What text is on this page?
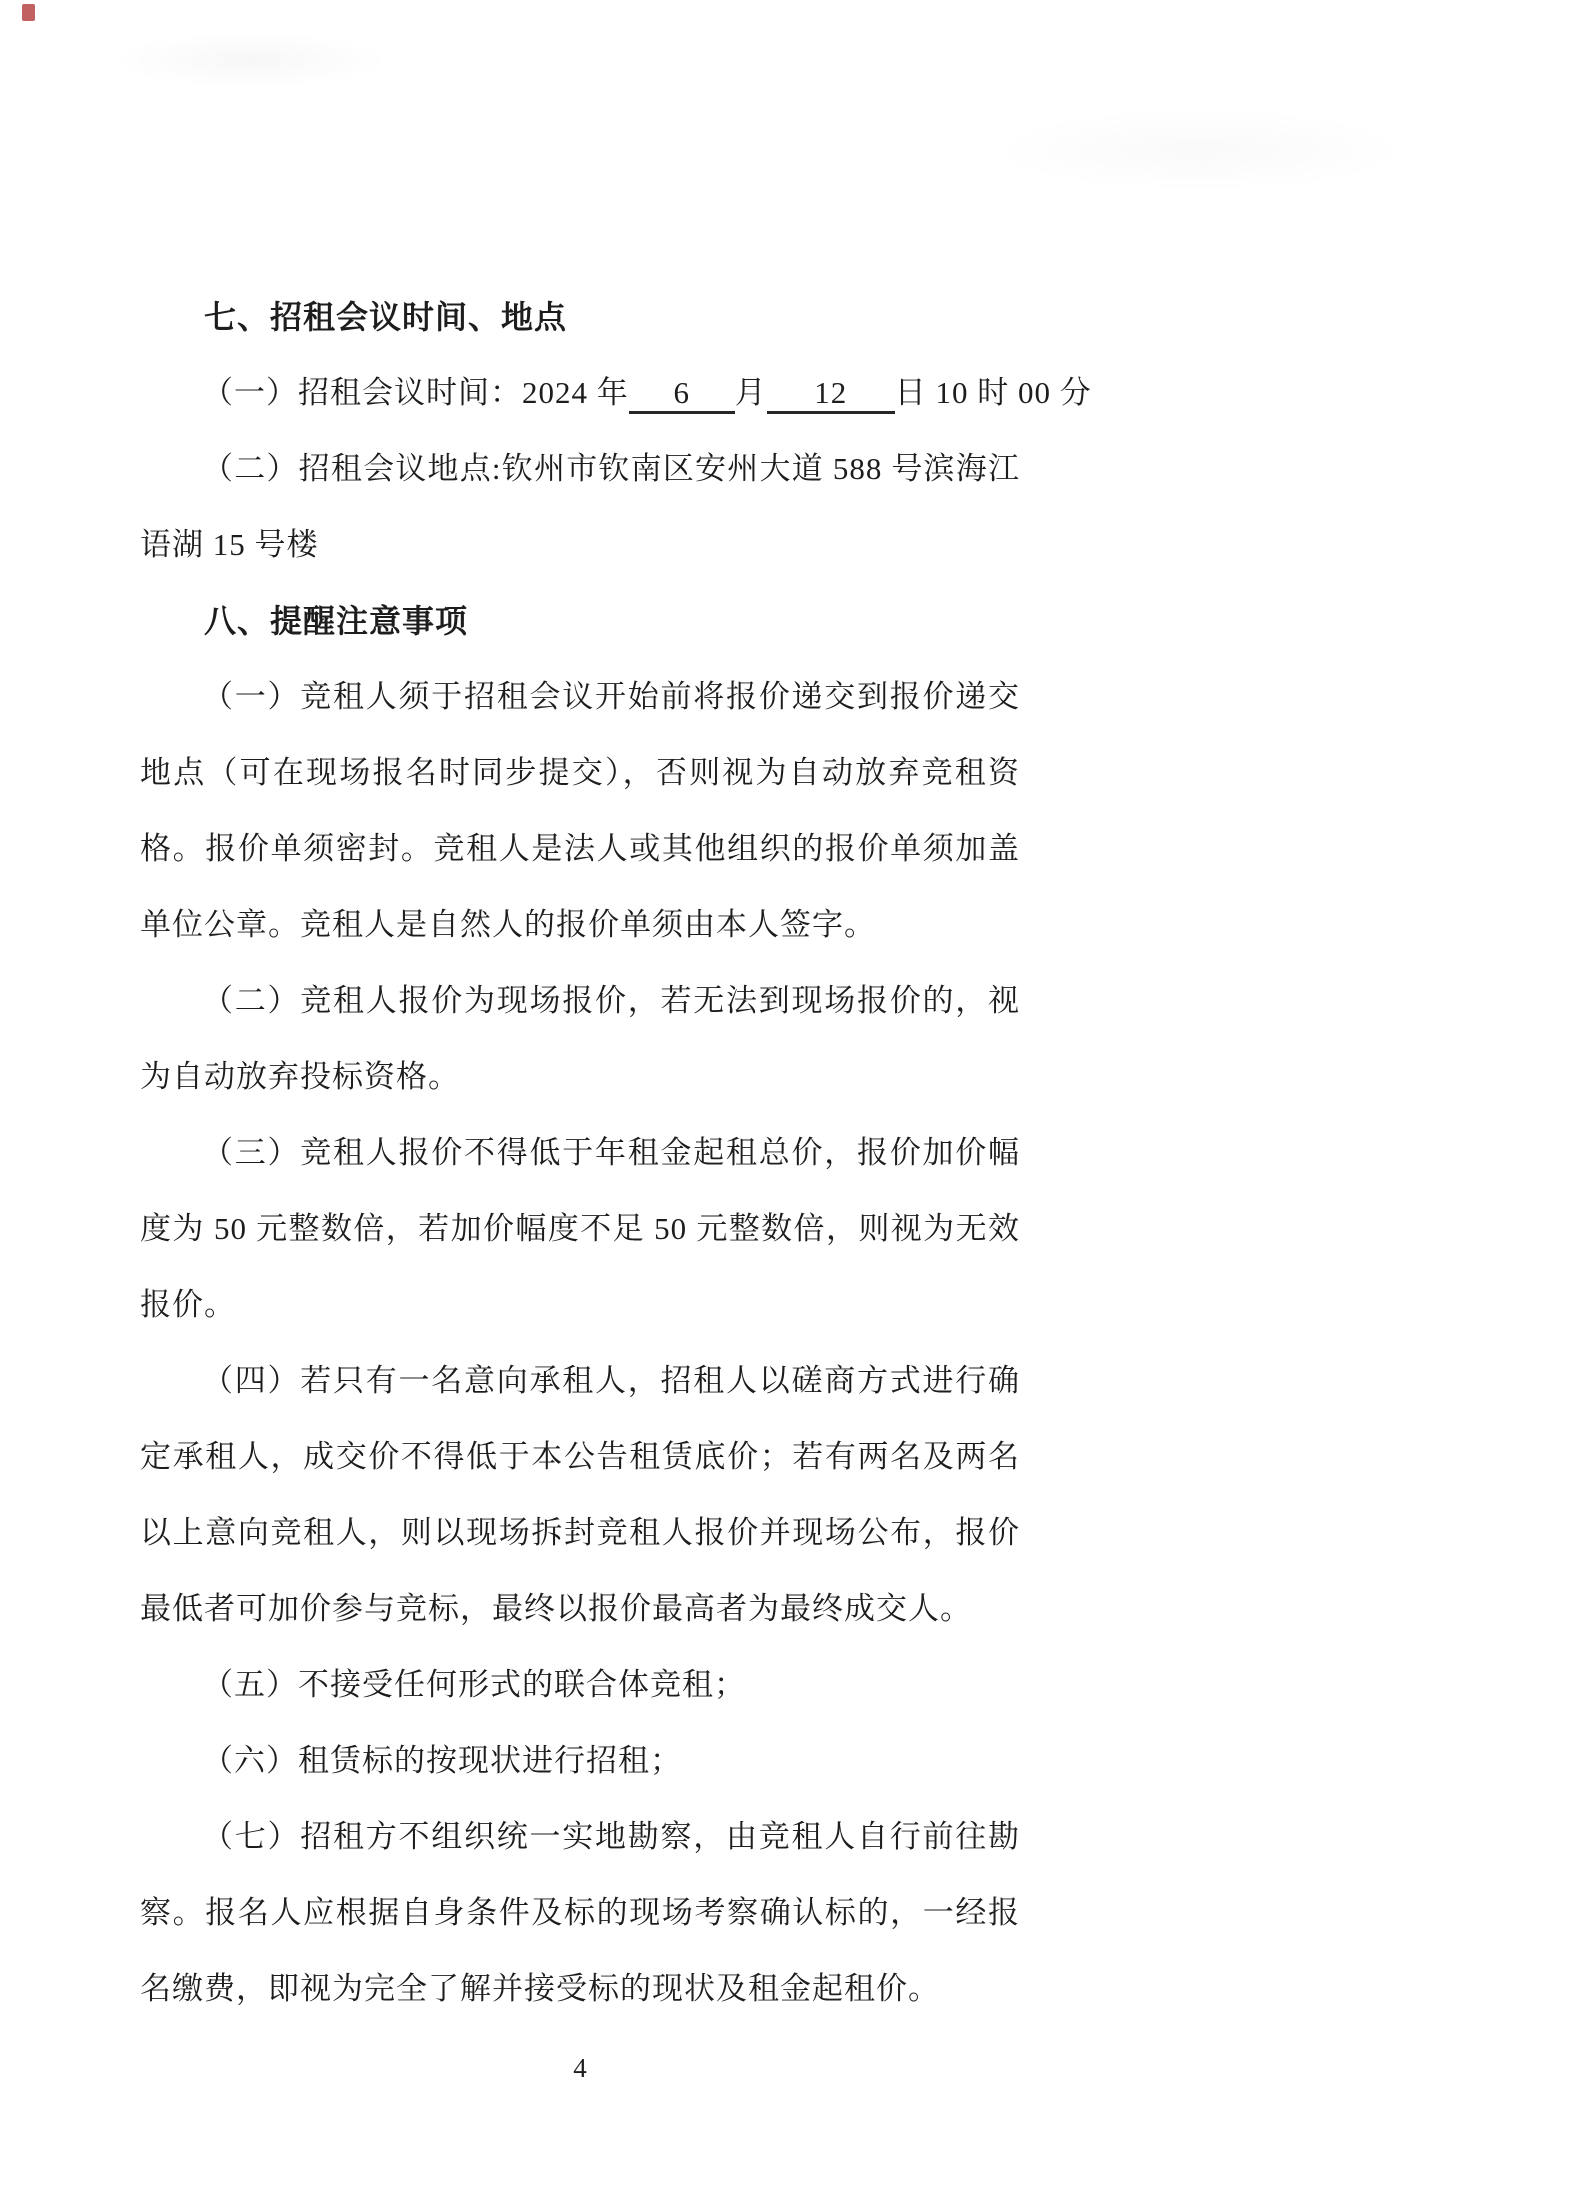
七、招租会议时间、地点
（一）招租会议时间：2024 年 6 月 12 日 10 时 00 分
（二）招租会议地点:钦州市钦南区安州大道 588 号滨海江语湖 15 号楼
八、提醒注意事项
（一）竞租人须于招租会议开始前将报价递交到报价递交地点（可在现场报名时同步提交），否则视为自动放弃竞租资格。报价单须密封。竞租人是法人或其他组织的报价单须加盖单位公章。竞租人是自然人的报价单须由本人签字。
（二）竞租人报价为现场报价，若无法到现场报价的，视为自动放弃投标资格。
（三）竞租人报价不得低于年租金起租总价，报价加价幅度为 50 元整数倍，若加价幅度不足 50 元整数倍，则视为无效报价。
（四）若只有一名意向承租人，招租人以磋商方式进行确定承租人，成交价不得低于本公告租赁底价；若有两名及两名以上意向竞租人，则以现场拆封竞租人报价并现场公布，报价最低者可加价参与竞标，最终以报价最高者为最终成交人。
（五）不接受任何形式的联合体竞租；
（六）租赁标的按现状进行招租；
（七）招租方不组织统一实地勘察，由竞租人自行前往勘察。报名人应根据自身条件及标的现场考察确认标的，一经报名缴费，即视为完全了解并接受标的现状及租金起租价。
4
